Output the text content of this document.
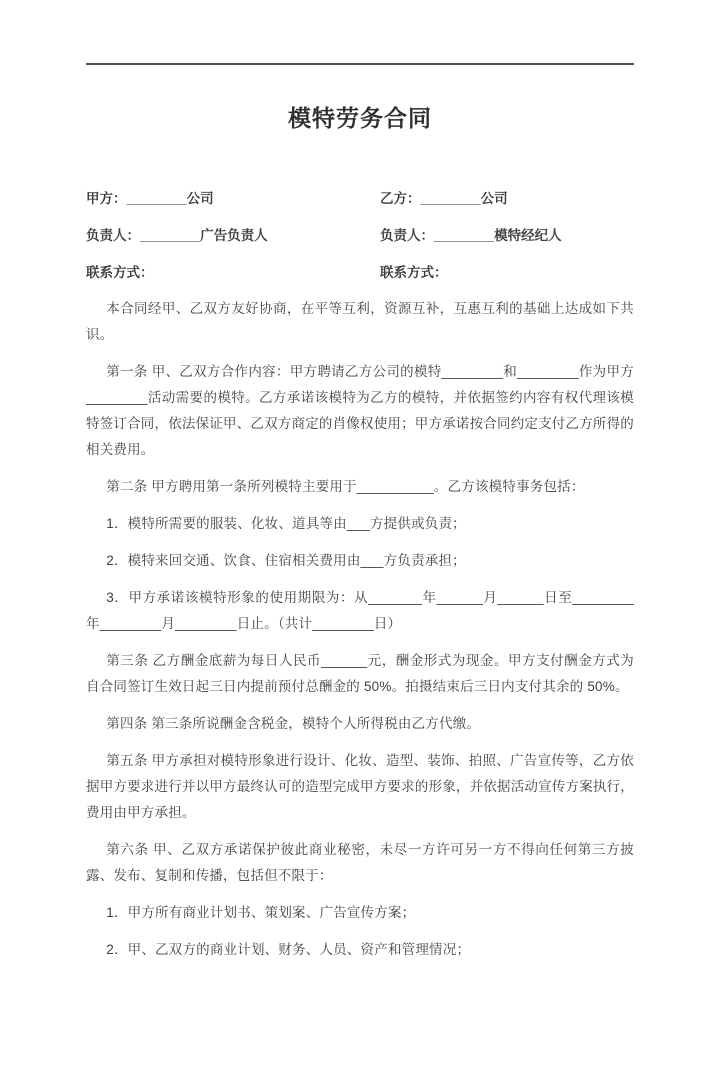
模特劳务合同
甲方：________公司	乙方：________公司
负责人：________广告负责人	负责人：________模特经纪人
联系方式：	联系方式：

本合同经甲、乙双方友好协商，在平等互利，资源互补，互惠互利的基础上达成如下共识。

第一条 甲、乙双方合作内容：甲方聘请乙方公司的模特________和________作为甲方________活动需要的模特。乙方承诺该模特为乙方的模特，并依据签约内容有权代理该模特签订合同，依法保证甲、乙双方商定的肖像权使用；甲方承诺按合同约定支付乙方所得的相关费用。

第二条 甲方聘用第一条所列模特主要用于__________。乙方该模特事务包括：

1．模特所需要的服装、化妆、道具等由___方提供或负责；

2．模特来回交通、饮食、住宿相关费用由___方负责承担；

3．甲方承诺该模特形象的使用期限为：从_______年______月______日至________年________月________日止。（共计________日）

第三条 乙方酬金底薪为每日人民币______元，酬金形式为现金。甲方支付酬金方式为自合同签订生效日起三日内提前预付总酬金的 50%。拍摄结束后三日内支付其余的 50%。

第四条 第三条所说酬金含税金，模特个人所得税由乙方代缴。

第五条 甲方承担对模特形象进行设计、化妆、造型、装饰、拍照、广告宣传等，乙方依据甲方要求进行并以甲方最终认可的造型完成甲方要求的形象，并依据活动宣传方案执行，费用由甲方承担。

第六条 甲、乙双方承诺保护彼此商业秘密，未尽一方许可另一方不得向任何第三方披露、发布、复制和传播，包括但不限于：

1．甲方所有商业计划书、策划案、广告宣传方案；

2．甲、乙双方的商业计划、财务、人员、资产和管理情况；
